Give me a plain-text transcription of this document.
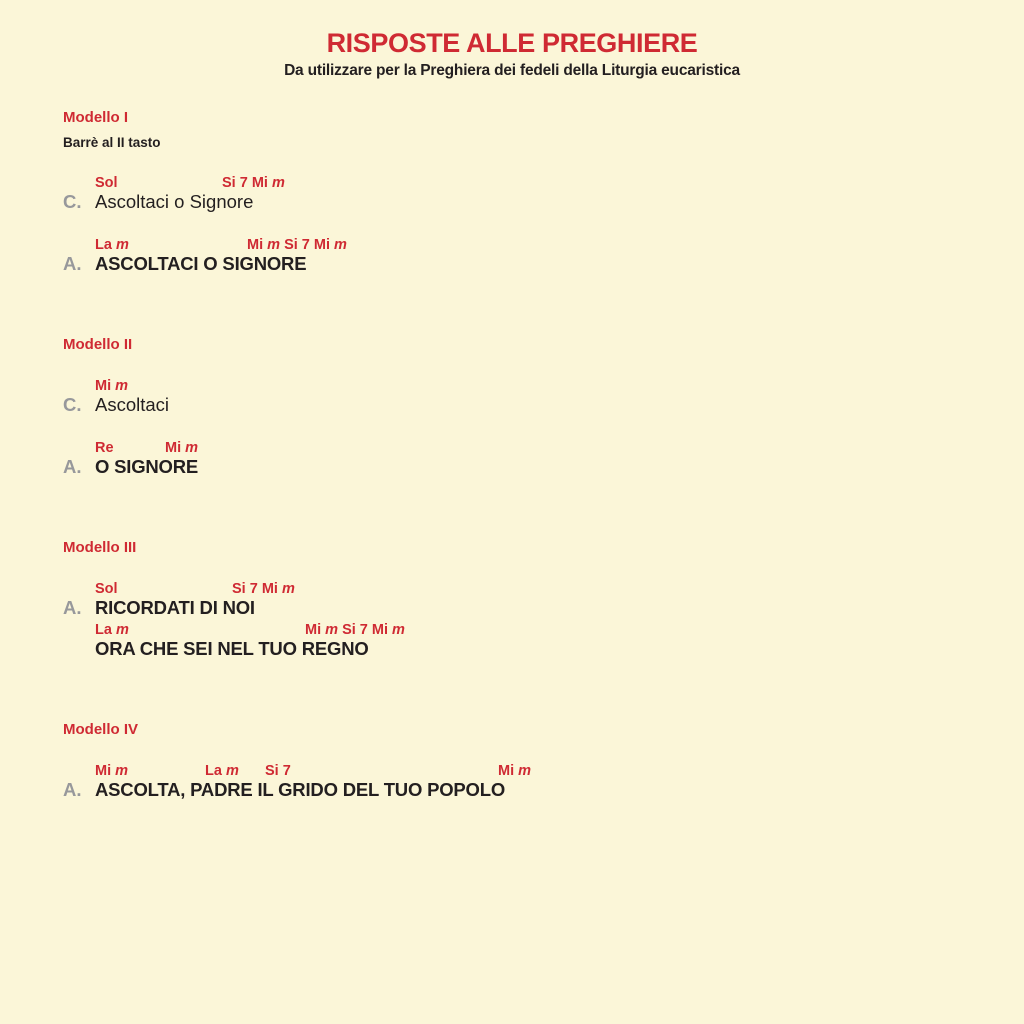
RISPOSTE ALLE PREGHIERE
Da utilizzare per la Preghiera dei fedeli della Liturgia eucaristica
Modello I
Barrè al II tasto
Sol	Si 7 Mi m
C. Ascoltaci o Signore
La m	Mi m Si 7 Mi m
A. ASCOLTACI O SIGNORE
Modello II
Mi m
C. Ascoltaci
Re	Mi m
A. O SIGNORE
Modello III
Sol	Si 7 Mi m
A. RICORDATI DI NOI
La m	Mi m Si 7 Mi m
ORA CHE SEI NEL TUO REGNO
Modello IV
Mi m	La m Si 7	Mi m
A. ASCOLTA, PADRE IL GRIDO DEL TUO POPOLO
